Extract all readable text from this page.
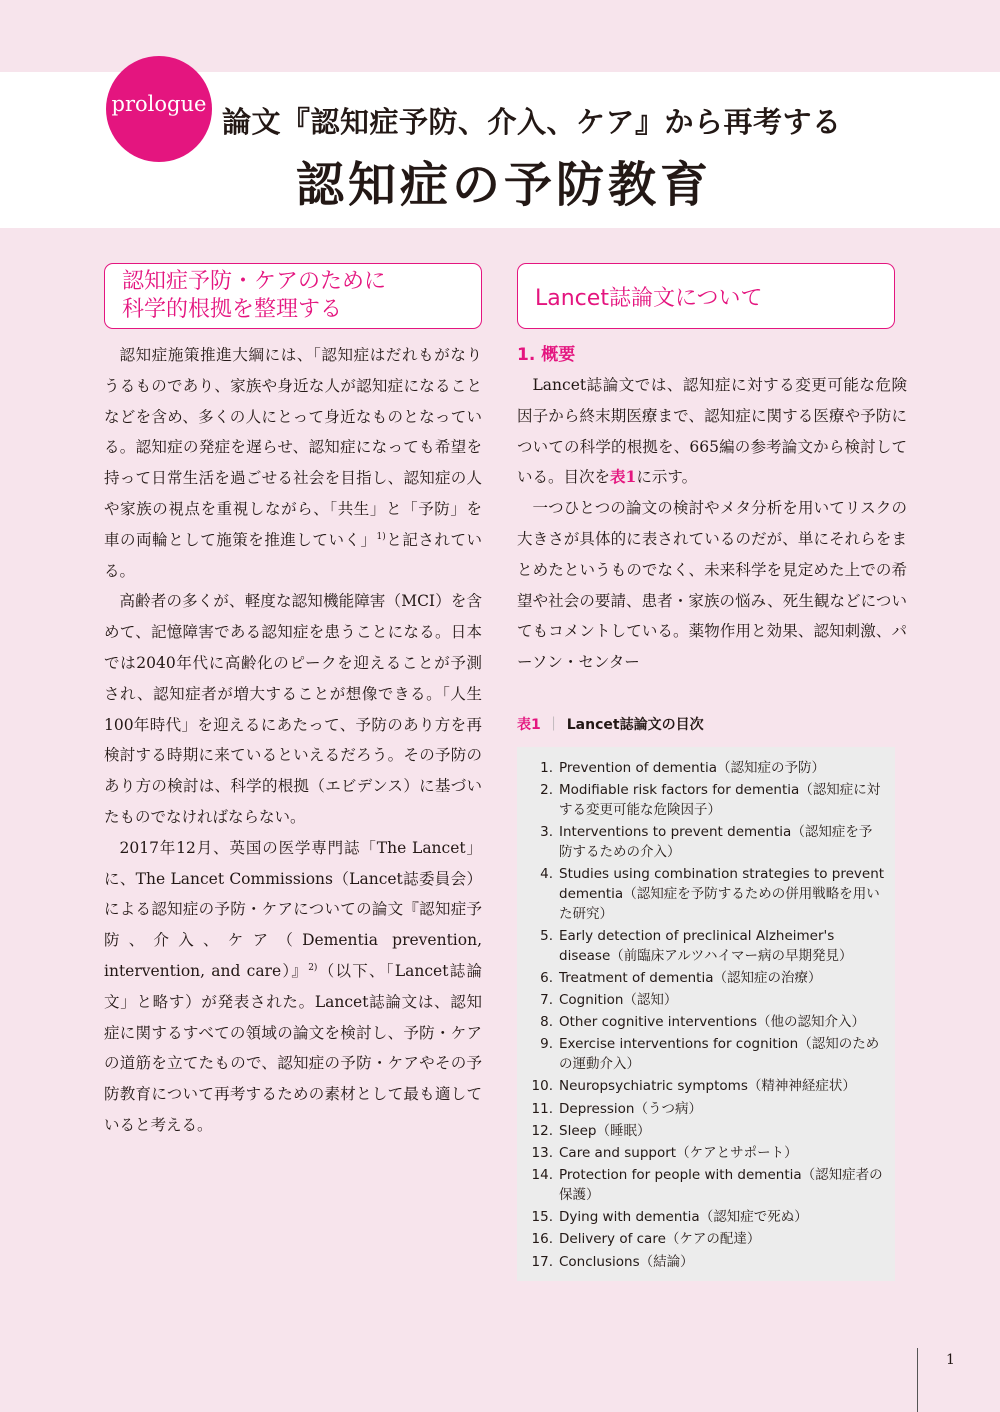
prologue
論文『認知症予防、介入、ケア』から再考する
認知症の予防教育
認知症予防・ケアのために
科学的根拠を整理する	Lancet誌論文について

認知症施策推進大綱には、「認知症はだれもがなりうるものであり、家族や身近な人が認知症になることなどを含め、多くの人にとって身近なものとなっている。認知症の発症を遅らせ、認知症になっても希望を持って日常生活を過ごせる社会を目指し、認知症の人や家族の視点を重視しながら、「共生」と「予防」を車の両輪として施策を推進していく」$^{1)}$と記されている。

高齢者の多くが、軽度な認知機能障害（MCI）を含めて、記憶障害である認知症を患うことになる。日本では2040年代に高齢化のピークを迎えることが予測され、認知症者が増大することが想像できる。「人生100年時代」を迎えるにあたって、予防のあり方を再検討する時期に来ているといえるだろう。その予防のあり方の検討は、科学的根拠（エビデンス）に基づいたものでなければならない。

2017年12月、英国の医学専門誌「The Lancet」に、The Lancet Commissions（Lancet誌委員会）による認知症の予防・ケアについての論文『認知症予防、介入、ケア（Dementia prevention, intervention, and care）』$^{2)}$（以下、「Lancet誌論文」と略す）が発表された。Lancet誌論文は、認知症に関するすべての領域の論文を検討し、予防・ケアの道筋を立てたもので、認知症の予防・ケアやその予防教育について再考するための素材として最も適していると考える。

1. 概要

Lancet誌論文では、認知症に対する変更可能な危険因子から終末期医療まで、認知症に関する医療や予防についての科学的根拠を、665編の参考論文から検討している。目次を表1に示す。

一つひとつの論文の検討やメタ分析を用いてリスクの大きさが具体的に表されているのだが、単にそれらをまとめたというものでなく、未来科学を見定めた上での希望や社会の要請、患者・家族の悩み、死生観などについてもコメントしている。薬物作用と効果、認知刺激、パーソン・センター

表1 ｜ Lancet誌論文の目次
1. Prevention of dementia（認知症の予防）
2. Modifiable risk factors for dementia（認知症に対する変更可能な危険因子）
3. Interventions to prevent dementia（認知症を予防するための介入）
4. Studies using combination strategies to prevent dementia（認知症を予防するための併用戦略を用いた研究）
5. Early detection of preclinical Alzheimer's disease（前臨床アルツハイマー病の早期発見）
6. Treatment of dementia（認知症の治療）
7. Cognition（認知）
8. Other cognitive interventions（他の認知介入）
9. Exercise interventions for cognition（認知のための運動介入）
10. Neuropsychiatric symptoms（精神神経症状）
11. Depression（うつ病）
12. Sleep（睡眠）
13. Care and support（ケアとサポート）
14. Protection for people with dementia（認知症者の保護）
15. Dying with dementia（認知症で死ぬ）
16. Delivery of care（ケアの配達）
17. Conclusions（結論）
1
